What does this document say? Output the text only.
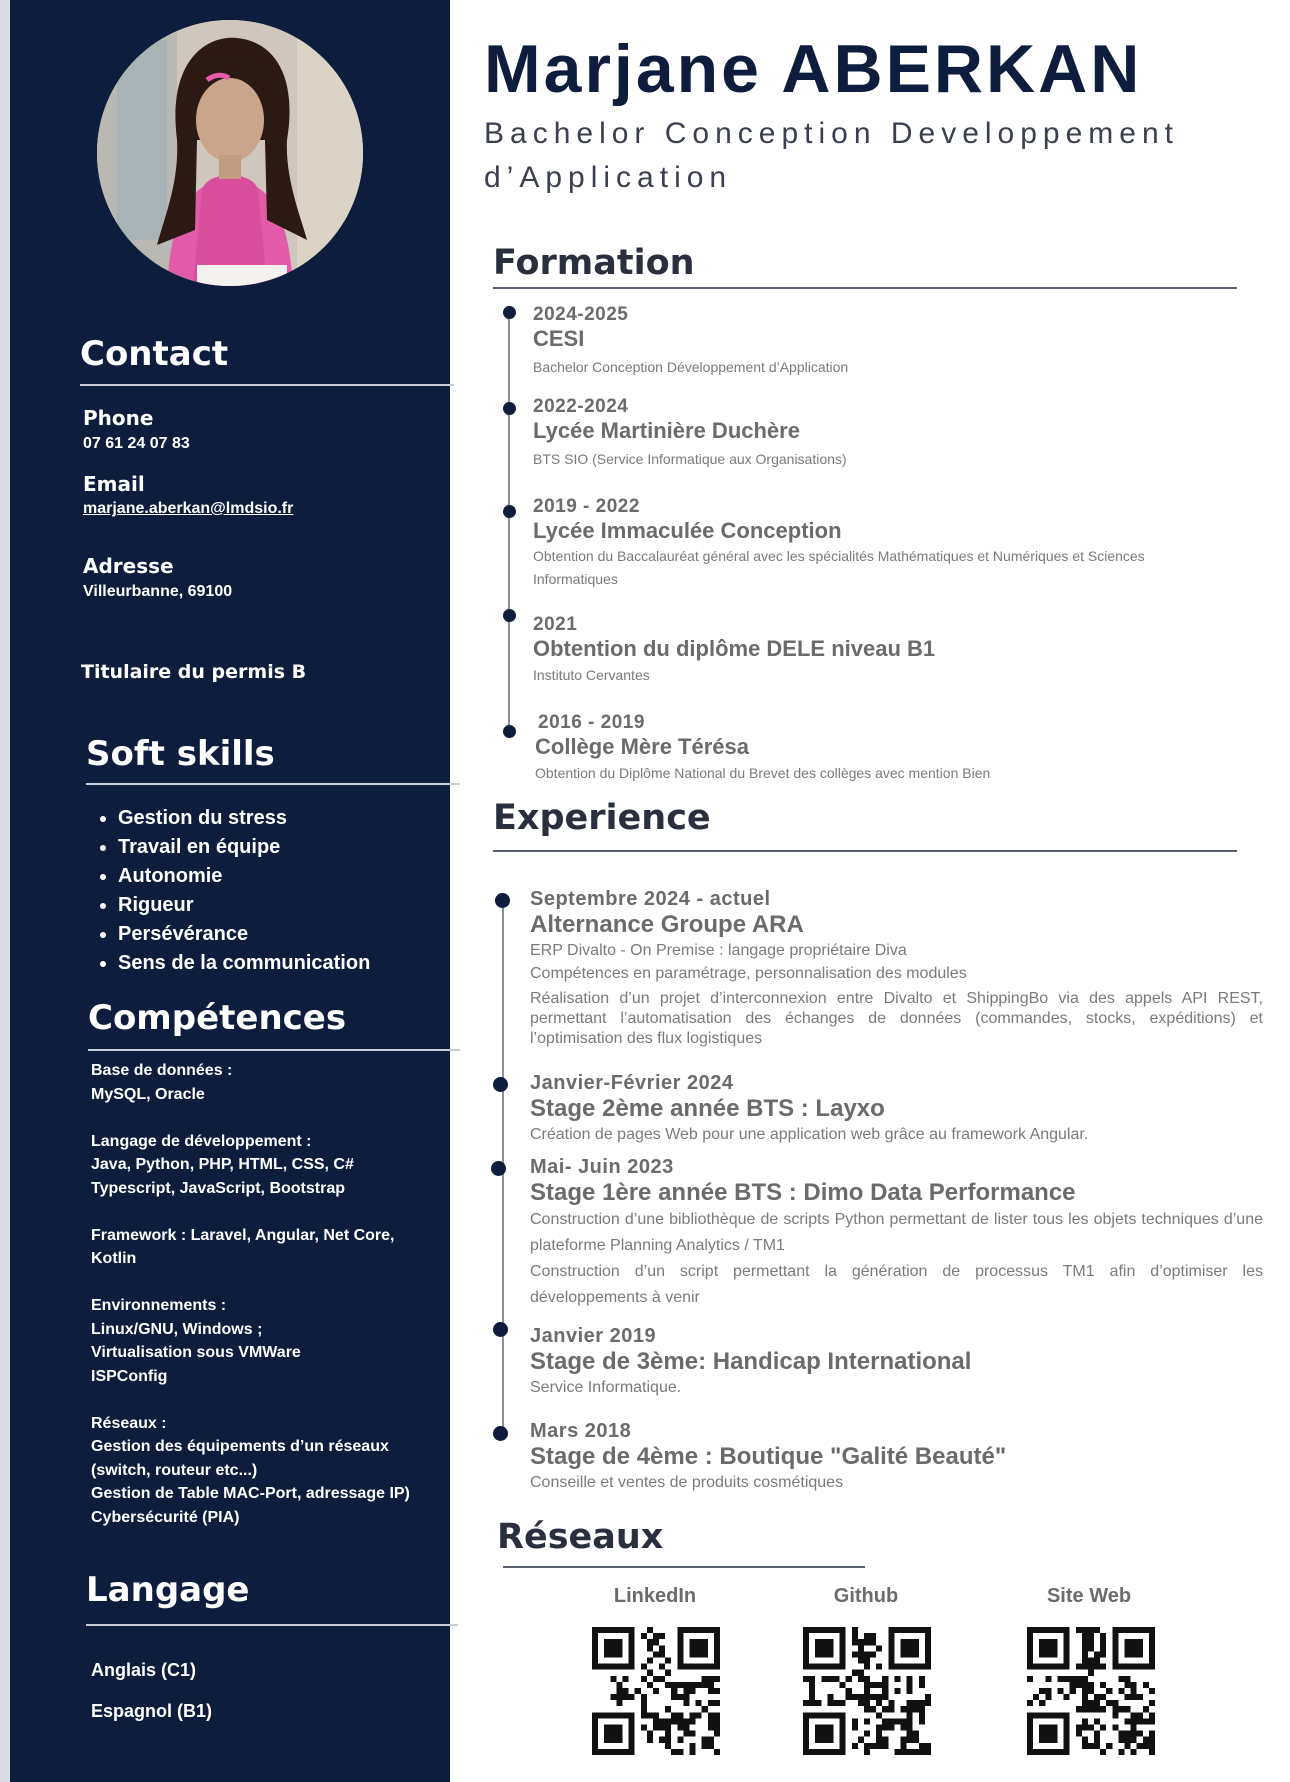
Contact
Phone
07 61 24 07 83
Email
marjane.aberkan@lmdsio.fr
Adresse
Villeurbanne, 69100
Titulaire du permis B
Soft skills
• Gestion du stress
• Travail en équipe
• Autonomie
• Rigueur
• Persévérance
• Sens de la communication
Compétences
Base de données :
MySQL, Oracle
Langage de développement :
Java, Python, PHP, HTML, CSS, C#
Typescript, JavaScript, Bootstrap
Framework : Laravel, Angular, Net Core,
Kotlin
Environnements :
Linux/GNU, Windows ;
Virtualisation sous VMWare
ISPConfig
Réseaux :
Gestion des équipements d’un réseaux
(switch, routeur etc...)
Gestion de Table MAC-Port, adressage IP)
Cybersécurité (PIA)
Langage
Anglais (C1)
Espagnol (B1)
Marjane ABERKAN

Bachelor Conception Developpement d’Application

Formation
2024-2025
CESI
Bachelor Conception Développement d’Application
2022-2024
Lycée Martinière Duchère
BTS SIO (Service Informatique aux Organisations)
2019 - 2022
Lycée Immaculée Conception
Obtention du Baccalauréat général avec les spécialités Mathématiques et Numériques et Sciences Informatiques
2021
Obtention du diplôme DELE niveau B1
Instituto Cervantes
2016 - 2019
Collège Mère Térésa
Obtention du Diplôme National du Brevet des collèges avec mention Bien
Experience
Septembre 2024 - actuel
Alternance Groupe ARA
ERP Divalto - On Premise : langage propriétaire Diva
Compétences en paramétrage, personnalisation des modules
Réalisation d’un projet d’interconnexion entre Divalto et ShippingBo via des appels API REST, permettant l’automatisation des échanges de données (commandes, stocks, expéditions) et l’optimisation des flux logistiques
Janvier-Février 2024
Stage 2ème année BTS : Layxo
Création de pages Web pour une application web grâce au framework Angular.
Mai- Juin 2023
Stage 1ère année BTS : Dimo Data Performance
Construction d’une bibliothèque de scripts Python permettant de lister tous les objets techniques d’une plateforme Planning Analytics / TM1
Construction d’un script permettant la génération de processus TM1 afin d’optimiser les développements à venir
Janvier 2019
Stage de 3ème: Handicap International
Service Informatique.
Mars 2018
Stage de 4ème : Boutique "Galité Beauté"
Conseille et ventes de produits cosmétiques
Réseaux
LinkedIn	Github	Site Web
